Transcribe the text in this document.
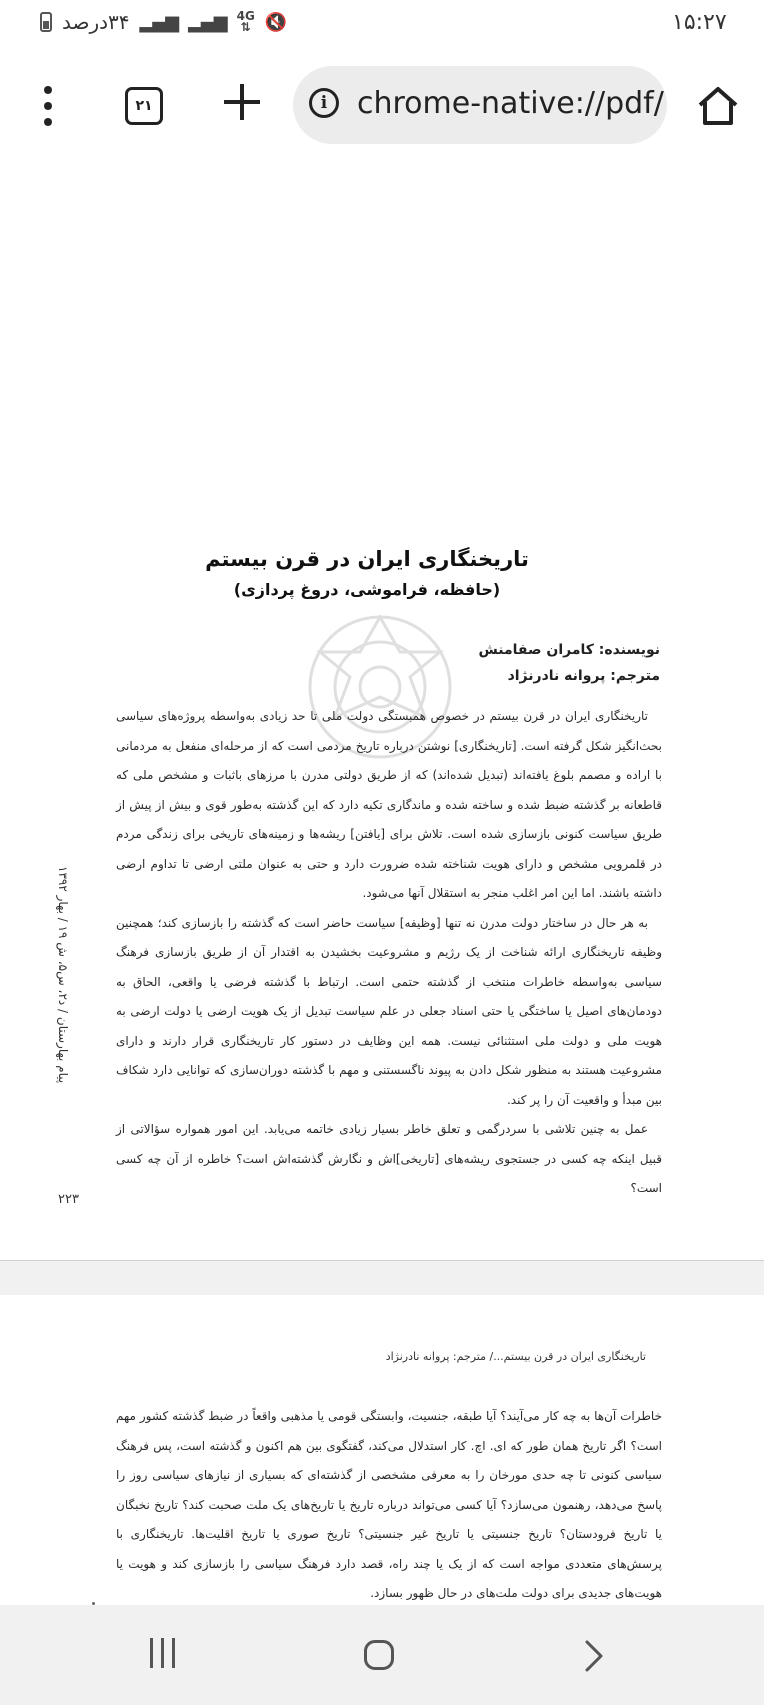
۳۴درصد ▂▄▆ ▂▄▆ 4G
⇅ 🔇	۱۵:۲۷
۲۱	i chrome-native://pdf/
تاریخنگاری ایران در قرن بیستم
(حافظه، فراموشی، دروغ پردازی)
نویسنده: کامران صفامنش
مترجم: پروانه نادرنژاد

تاریخنگاری ایران در قرن بیستم در خصوص همبستگی دولت ملی تا حد زیادی به‌واسطه پروژه‌های سیاسی بحث‌انگیز شکل گرفته است. [تاریخنگاری] نوشتن درباره تاریخ مردمی است که از مرحله‌ای منفعل به مردمانی با اراده و مصمم بلوغ یافته‌اند (تبدیل شده‌اند) که از طریق دولتی مدرن با مرزهای باثبات و مشخص ملی که قاطعانه بر گذشته ضبط شده و ساخته شده و ماندگاری تکیه دارد که این گذشته به‌طور قوی و بیش از پیش از طریق سیاست کنونی بازسازی شده است. تلاش برای [یافتن] ریشه‌ها و زمینه‌های تاریخی برای زندگی مردم در قلمرویی مشخص و دارای هویت شناخته شده ضرورت دارد و حتی به عنوان ملتی ارضی تا تداوم ارضی داشته باشند. اما این امر اغلب منجر به استقلال آنها می‌شود.

به هر حال در ساختار دولت مدرن نه تنها [وظیفه] سیاست حاضر است که گذشته را بازسازی کند؛ همچنین وظیفه تاریخنگاری ارائه شناخت از یک رژیم و مشروعیت بخشیدن به اقتدار آن از طریق بازسازی فرهنگ سیاسی به‌واسطه خاطرات منتخب از گذشته حتمی است. ارتباط با گذشته فرضی یا واقعی، الحاق به دودمان‌های اصیل یا ساختگی یا حتی اسناد جعلی در علم سیاست تبدیل از یک هویت ارضی یا دولت ارضی به هویت ملی و دولت ملی استثنائی نیست. همه این وظایف در دستور کار تاریخنگاری قرار دارند و دارای مشروعیت هستند به منظور شکل دادن به پیوند ناگسستنی و مهم با گذشته دوران‌سازی که توانایی دارد شکاف بین مبدأ و واقعیت آن را پر کند.

عمل به چنین تلاشی با سردرگمی و تعلق خاطر بسیار زیادی خاتمه می‌یابد. این امور همواره سؤالاتی از قبیل اینکه چه کسی در جستجوی ریشه‌های [تاریخی]اش و نگارش گذشته‌اش است؟ خاطره از آن چه کسی است؟

پیام بهارستان / د۲، س۵، ش ۱۹ / بهار ۱۳۹۲
۲۲۳
تاریخنگاری ایران در قرن بیستم.../ مترجم: پروانه نادرنژاد

خاطرات آن‌ها به چه کار می‌آیند؟ آیا طبقه، جنسیت، وابستگی قومی یا مذهبی واقعاً در ضبط گذشته کشور مهم است؟ اگر تاریخ همان طور که ای. اچ. کار استدلال می‌کند، گفتگوی بین هم اکنون و گذشته است، پس فرهنگ سیاسی کنونی تا چه حدی مورخان را به معرفی مشخصی از گذشته‌ای که بسیاری از نیازهای سیاسی روز را پاسخ می‌دهد، رهنمون می‌سازد؟ آیا کسی می‌تواند درباره تاریخ یا تاریخ‌های یک ملت صحبت کند؟ تاریخ نخبگان یا تاریخ فرودستان؟ تاریخ جنسیتی یا تاریخ غیر جنسیتی؟ تاریخ صوری یا تاریخ اقلیت‌ها. تاریخنگاری با پرسش‌های متعددی مواجه است که از یک یا چند راه، قصد دارد فرهنگ سیاسی را بازسازی کند و هویت یا هویت‌های جدیدی برای دولت ملت‌های در حال ظهور بسازد.
